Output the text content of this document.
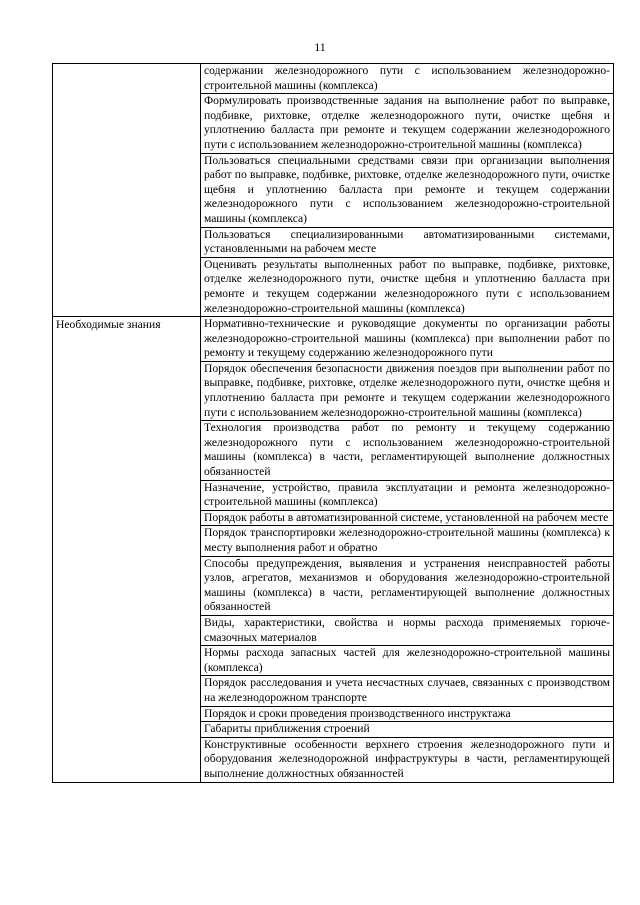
11
	содержании железнодорожного пути с использованием железнодорожно-строительной машины (комплекса)
	Формулировать производственные задания на выполнение работ по выправке, подбивке, рихтовке, отделке железнодорожного пути, очистке щебня и уплотнению балласта при ремонте и текущем содержании железнодорожного пути с использованием железнодорожно-строительной машины (комплекса)
	Пользоваться специальными средствами связи при организации выполнения работ по выправке, подбивке, рихтовке, отделке железнодорожного пути, очистке щебня и уплотнению балласта при ремонте и текущем содержании железнодорожного пути с использованием железнодорожно-строительной машины (комплекса)
	Пользоваться специализированными автоматизированными системами, установленными на рабочем месте
	Оценивать результаты выполненных работ по выправке, подбивке, рихтовке, отделке железнодорожного пути, очистке щебня и уплотнению балласта при ремонте и текущем содержании железнодорожного пути с использованием железнодорожно-строительной машины (комплекса)

Необходимые знания	Нормативно-технические и руководящие документы по организации работы железнодорожно-строительной машины (комплекса) при выполнении работ по ремонту и текущему содержанию железнодорожного пути
	Порядок обеспечения безопасности движения поездов при выполнении работ по выправке, подбивке, рихтовке, отделке железнодорожного пути, очистке щебня и уплотнению балласта при ремонте и текущем содержании железнодорожного пути с использованием железнодорожно-строительной машины (комплекса)
	Технология производства работ по ремонту и текущему содержанию железнодорожного пути с использованием железнодорожно-строительной машины (комплекса) в части, регламентирующей выполнение должностных обязанностей
	Назначение, устройство, правила эксплуатации и ремонта железнодорожно-строительной машины (комплекса)
	Порядок работы в автоматизированной системе, установленной на рабочем месте
	Порядок транспортировки железнодорожно-строительной машины (комплекса) к месту выполнения работ и обратно
	Способы предупреждения, выявления и устранения неисправностей работы узлов, агрегатов, механизмов и оборудования железнодорожно-строительной машины (комплекса) в части, регламентирующей выполнение должностных обязанностей
	Виды, характеристики, свойства и нормы расхода применяемых горюче-смазочных материалов
	Нормы расхода запасных частей для железнодорожно-строительной машины (комплекса)
	Порядок расследования и учета несчастных случаев, связанных с производством на железнодорожном транспорте
	Порядок и сроки проведения производственного инструктажа
	Габариты приближения строений
	Конструктивные особенности верхнего строения железнодорожного пути и оборудования железнодорожной инфраструктуры в части, регламентирующей выполнение должностных обязанностей
